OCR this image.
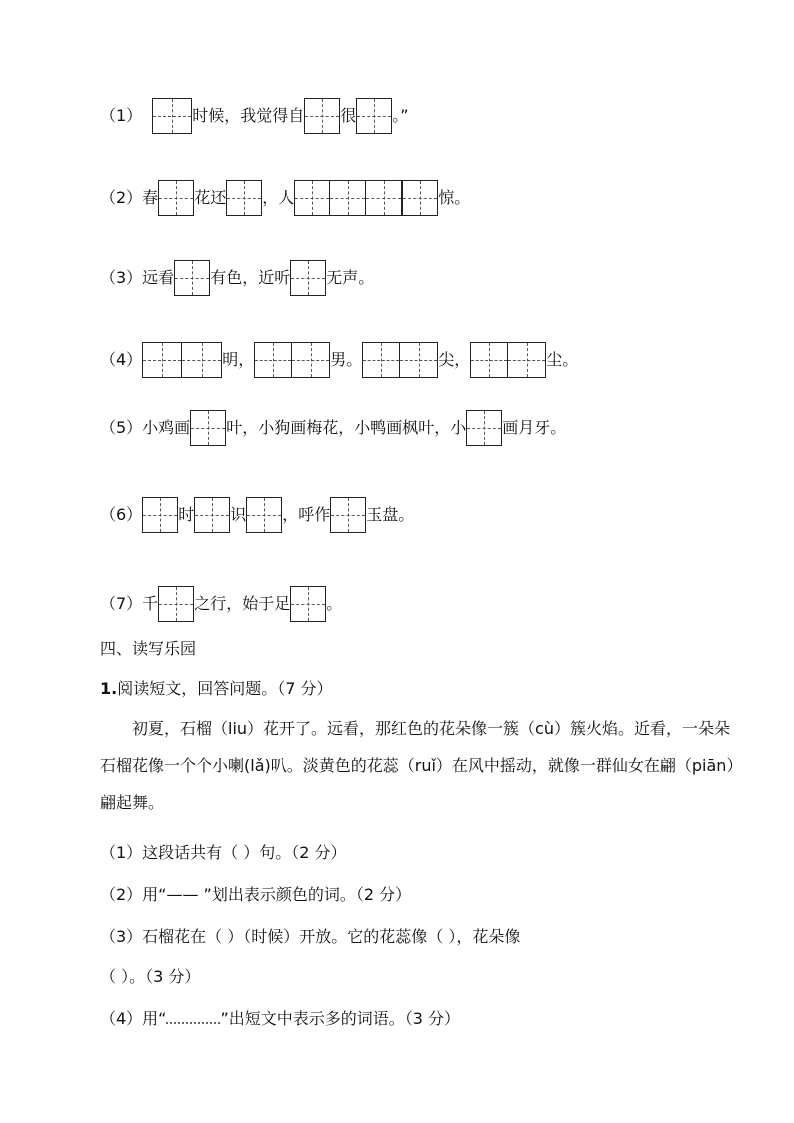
（1）	时候，我觉得自 很 。”
（2）春 花还 ，人	惊。
（3）远看 有色，近听 无声。
（4）	明，	男。	尖，	尘。
（5）小鸡画 叶，小狗画梅花，小鸭画枫叶，小 画月牙。
（6） 时 识 ，呼作 玉盘。
（7）千 之行，始于足 。
四、读写乐园
1.阅读短文，回答问题。（7 分）
初夏，石榴（liu）花开了。远看，那红色的花朵像一簇（cù）簇火焰。近看，一朵朵石榴花像一个个小喇(lǎ)叭。淡黄色的花蕊（ruǐ）在风中摇动，就像一群仙女在翩（piān）翩起舞。
（1）这段话共有（ ）句。（2 分）
（2）用“—— ”划出表示颜色的词。（2 分）
（3）石榴花在（ ）（时候）开放。它的花蕊像（ ），花朵像
（ ）。（3 分）
（4）用“	”出短文中表示多的词语。（3 分）
